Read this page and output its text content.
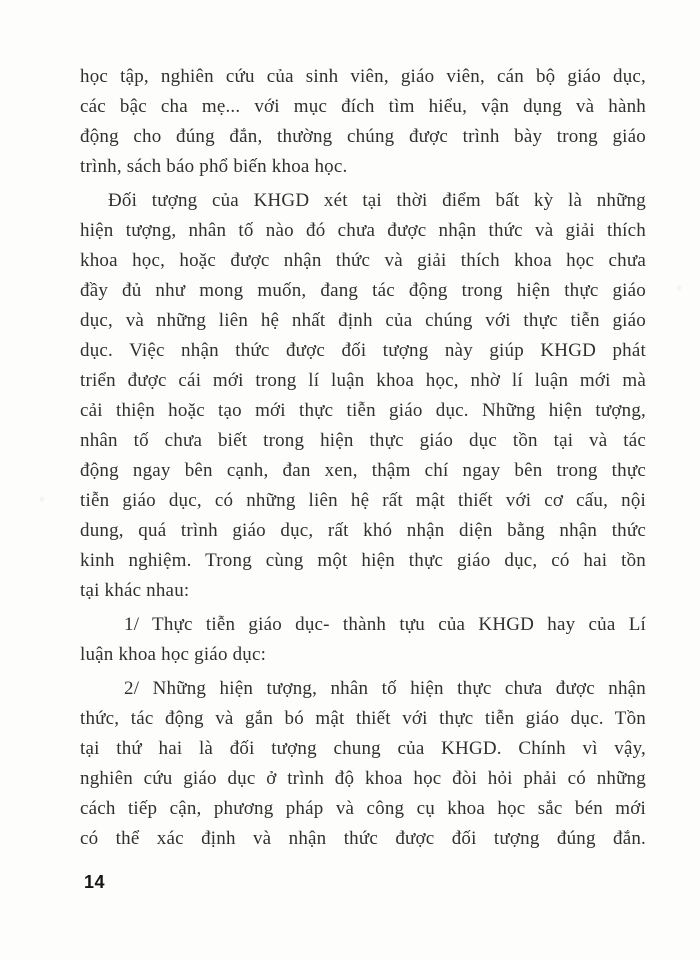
học tập, nghiên cứu của sinh viên, giáo viên, cán bộ giáo dục,
các bậc cha mẹ... với mục đích tìm hiểu, vận dụng và hành
động cho đúng đắn, thường chúng được trình bày trong giáo
trình, sách báo phổ biến khoa học.
Đối tượng của KHGD xét tại thời điểm bất kỳ là những
hiện tượng, nhân tố nào đó chưa được nhận thức và giải thích
khoa học, hoặc được nhận thức và giải thích khoa học chưa
đầy đủ như mong muốn, đang tác động trong hiện thực giáo
dục, và những liên hệ nhất định của chúng với thực tiễn giáo
dục. Việc nhận thức được đối tượng này giúp KHGD phát
triển được cái mới trong lí luận khoa học, nhờ lí luận mới mà
cải thiện hoặc tạo mới thực tiễn giáo dục. Những hiện tượng,
nhân tố chưa biết trong hiện thực giáo dục tồn tại và tác
động ngay bên cạnh, đan xen, thậm chí ngay bên trong thực
tiễn giáo dục, có những liên hệ rất mật thiết với cơ cấu, nội
dung, quá trình giáo dục, rất khó nhận diện bằng nhận thức
kinh nghiệm. Trong cùng một hiện thực giáo dục, có hai tồn
tại khác nhau:
1/ Thực tiễn giáo dục- thành tựu của KHGD hay của Lí
luận khoa học giáo dục:
2/ Những hiện tượng, nhân tố hiện thực chưa được nhận
thức, tác động và gắn bó mật thiết với thực tiễn giáo dục. Tồn
tại thứ hai là đối tượng chung của KHGD. Chính vì vậy,
nghiên cứu giáo dục ở trình độ khoa học đòi hỏi phải có những
cách tiếp cận, phương pháp và công cụ khoa học sắc bén mới
có thể xác định và nhận thức được đối tượng đúng đắn.
14
